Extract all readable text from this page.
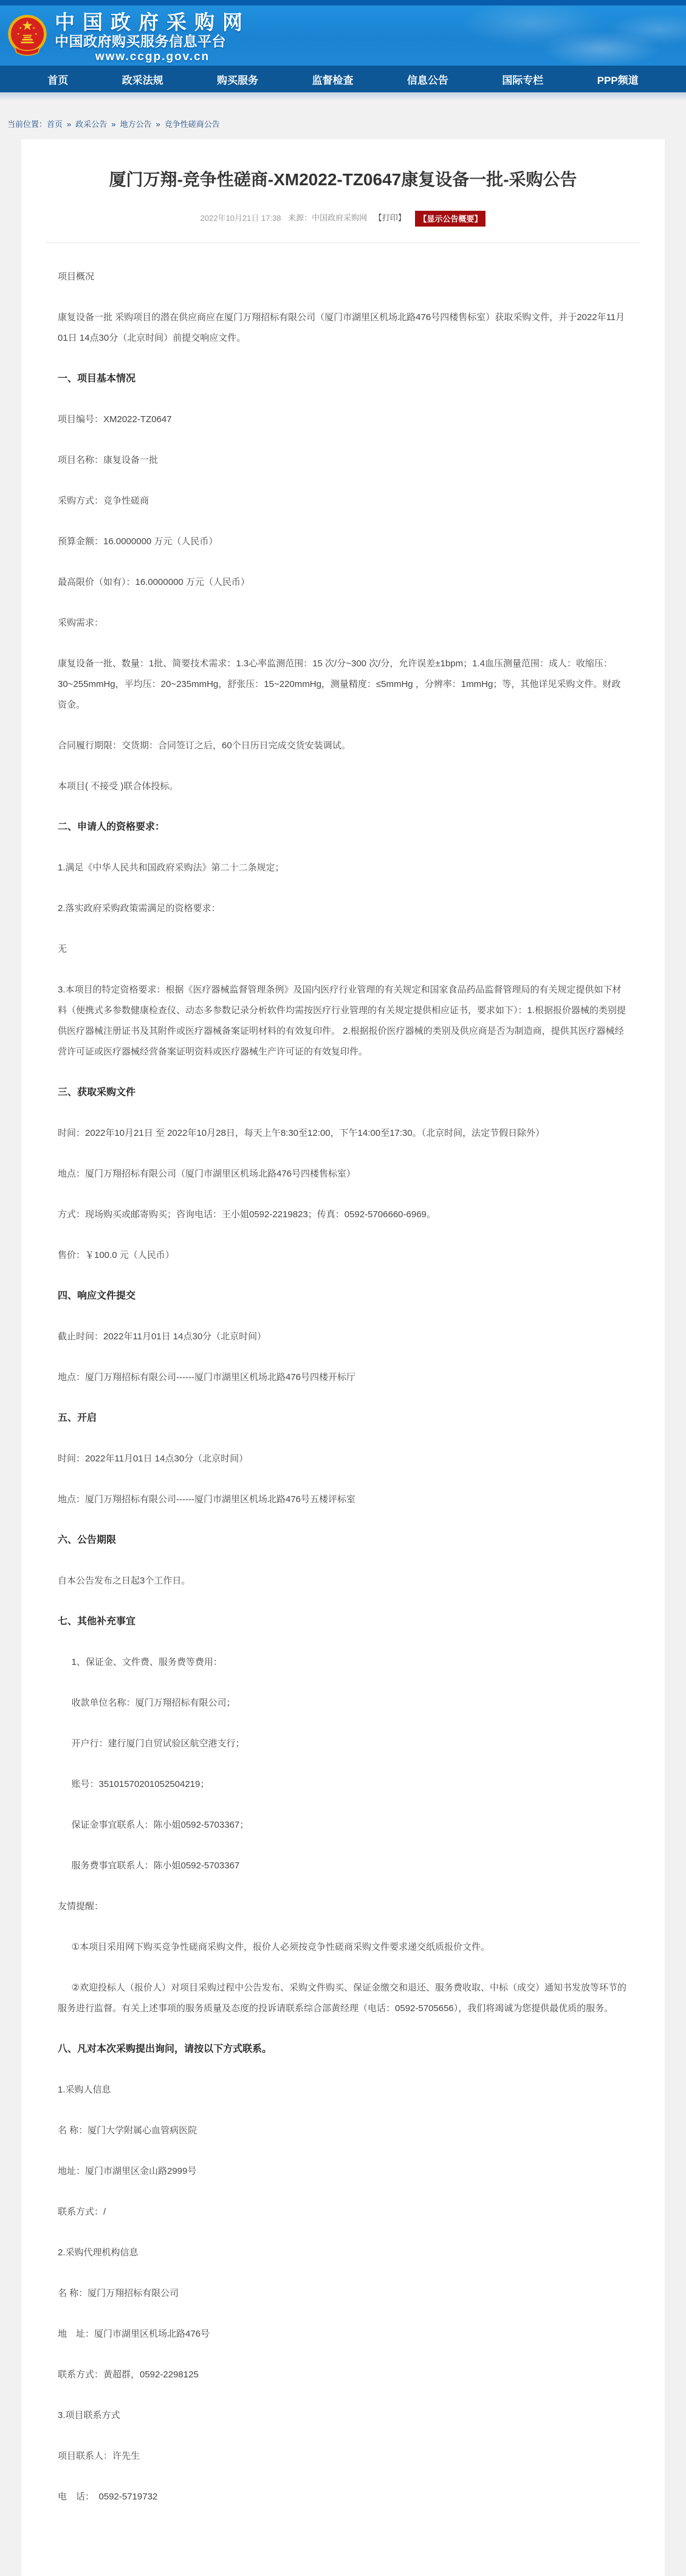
★ ★
★	★
中国政府采购网
中国政府购买服务信息平台
www.ccgp.gov.cn
首页	政采法规	购买服务	监督检查	信息公告	国际专栏	PPP频道
当前位置：首页 » 政采公告 » 地方公告 » 竞争性磋商公告
厦门万翔-竞争性磋商-XM2022-TZ0647康复设备一批-采购公告
2022年10月21日 17:38 来源：中国政府采购网 【打印】 【显示公告概要】

项目概况

康复设备一批 采购项目的潜在供应商应在厦门万翔招标有限公司（厦门市湖里区机场北路476号四楼售标室）获取采购文件，并于2022年11月01日 14点30分（北京时间）前提交响应文件。

一、项目基本情况

项目编号：XM2022-TZ0647

项目名称：康复设备一批

采购方式：竞争性磋商

预算金额：16.0000000 万元（人民币）

最高限价（如有）：16.0000000 万元（人民币）

采购需求：

康复设备一批、数量：1批、简要技术需求：1.3心率监测范围：15 次/分~300 次/分，允许误差±1bpm；1.4血压测量范围：成人：收缩压：30~255mmHg，平均压：20~235mmHg，舒张压：15~220mmHg，测量精度：≤5mmHg ，分辨率：1mmHg；等，其他详见采购文件。财政资金。

合同履行期限：交货期：合同签订之后，60个日历日完成交货安装调试。

本项目( 不接受 )联合体投标。

二、申请人的资格要求：

1.满足《中华人民共和国政府采购法》第二十二条规定；

2.落实政府采购政策需满足的资格要求：

无

3.本项目的特定资格要求：根据《医疗器械监督管理条例》及国内医疗行业管理的有关规定和国家食品药品监督管理局的有关规定提供如下材料（便携式多参数健康检查仪、动态多参数记录分析软件均需按医疗行业管理的有关规定提供相应证书，要求如下）：1.根据报价器械的类别提供医疗器械注册证书及其附件或医疗器械备案证明材料的有效复印件。 2.根据报价医疗器械的类别及供应商是否为制造商，提供其医疗器械经营许可证或医疗器械经营备案证明资料或医疗器械生产许可证的有效复印件。

三、获取采购文件

时间：2022年10月21日 至 2022年10月28日，每天上午8:30至12:00，下午14:00至17:30。（北京时间，法定节假日除外）

地点：厦门万翔招标有限公司（厦门市湖里区机场北路476号四楼售标室）

方式：现场购买或邮寄购买；咨询电话：王小姐0592-2219823；传真：0592-5706660-6969。

售价：￥100.0 元（人民币）

四、响应文件提交

截止时间：2022年11月01日 14点30分（北京时间）

地点：厦门万翔招标有限公司------厦门市湖里区机场北路476号四楼开标厅

五、开启

时间：2022年11月01日 14点30分（北京时间）

地点：厦门万翔招标有限公司------厦门市湖里区机场北路476号五楼评标室

六、公告期限

自本公告发布之日起3个工作日。

七、其他补充事宜

1、保证金、文件费、服务费等费用：

收款单位名称：厦门万翔招标有限公司；

开户行：建行厦门自贸试验区航空港支行；

账号：35101570201052504219；

保证金事宜联系人：陈小姐0592-5703367；

服务费事宜联系人：陈小姐0592-5703367

友情提醒：

①本项目采用网下购买竞争性磋商采购文件，报价人必须按竞争性磋商采购文件要求递交纸质报价文件。

②欢迎投标人（报价人）对项目采购过程中公告发布、采购文件购买、保证金缴交和退还、服务费收取、中标（成交）通知书发放等环节的服务进行监督。有关上述事项的服务质量及态度的投诉请联系综合部黄经理（电话：0592-5705656），我们将竭诚为您提供最优质的服务。

八、凡对本次采购提出询问，请按以下方式联系。

1.采购人信息

名 称：厦门大学附属心血管病医院

地址：厦门市湖里区金山路2999号

联系方式：/

2.采购代理机构信息

名 称：厦门万翔招标有限公司

地　址：厦门市湖里区机场北路476号

联系方式：黄超群，0592-2298125

3.项目联系方式

项目联系人：许先生

电　话：　0592-5719732
